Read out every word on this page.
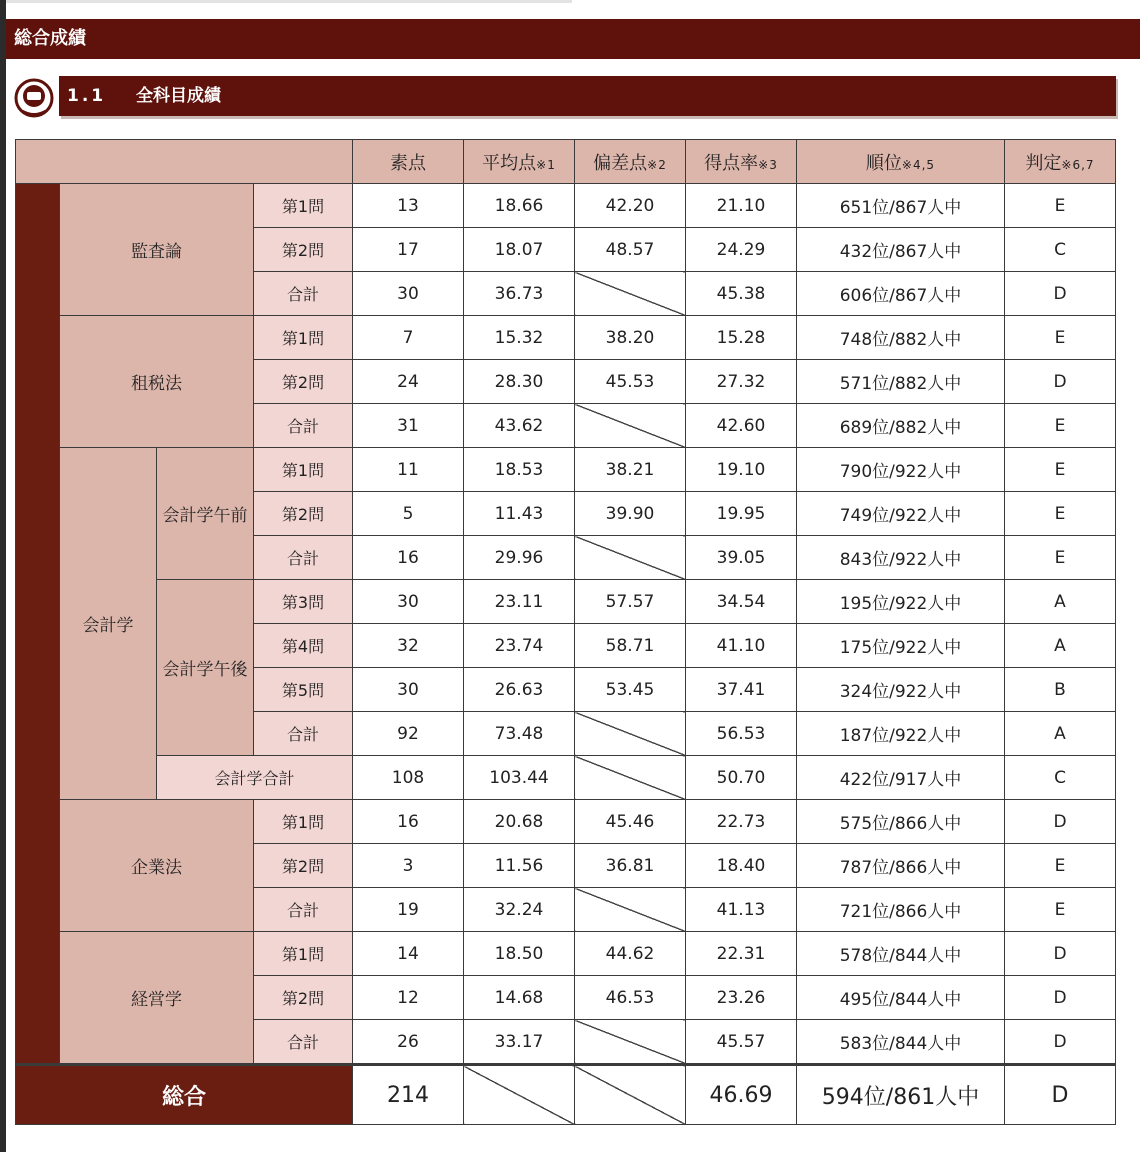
総合成績
1.1 全科目成績
				素点	平均点※1	偏差点※2	得点率※3	順位※4,5	判定※6,7
	監査論		第1問	13	18.66	42.20	21.10	651位/867人中	E
			第2問	17	18.07	48.57	24.29	432位/867人中	C
			合計	30	36.73		45.38	606位/867人中	D
	租税法		第1問	7	15.32	38.20	15.28	748位/882人中	E
			第2問	24	28.30	45.53	27.32	571位/882人中	D
			合計	31	43.62		42.60	689位/882人中	E
	会計学	会計学午前	第1問	11	18.53	38.21	19.10	790位/922人中	E
			第2問	5	11.43	39.90	19.95	749位/922人中	E
			合計	16	29.96		39.05	843位/922人中	E
		会計学午後	第3問	30	23.11	57.57	34.54	195位/922人中	A
			第4問	32	23.74	58.71	41.10	175位/922人中	A
			第5問	30	26.63	53.45	37.41	324位/922人中	B
			合計	92	73.48		56.53	187位/922人中	A
		会計学合計		108	103.44		50.70	422位/917人中	C
	企業法		第1問	16	20.68	45.46	22.73	575位/866人中	D
			第2問	3	11.56	36.81	18.40	787位/866人中	E
			合計	19	32.24		41.13	721位/866人中	E
	経営学		第1問	14	18.50	44.62	22.31	578位/844人中	D
			第2問	12	14.68	46.53	23.26	495位/844人中	D
			合計	26	33.17		45.57	583位/844人中	D
総合				214			46.69	594位/861人中	D
